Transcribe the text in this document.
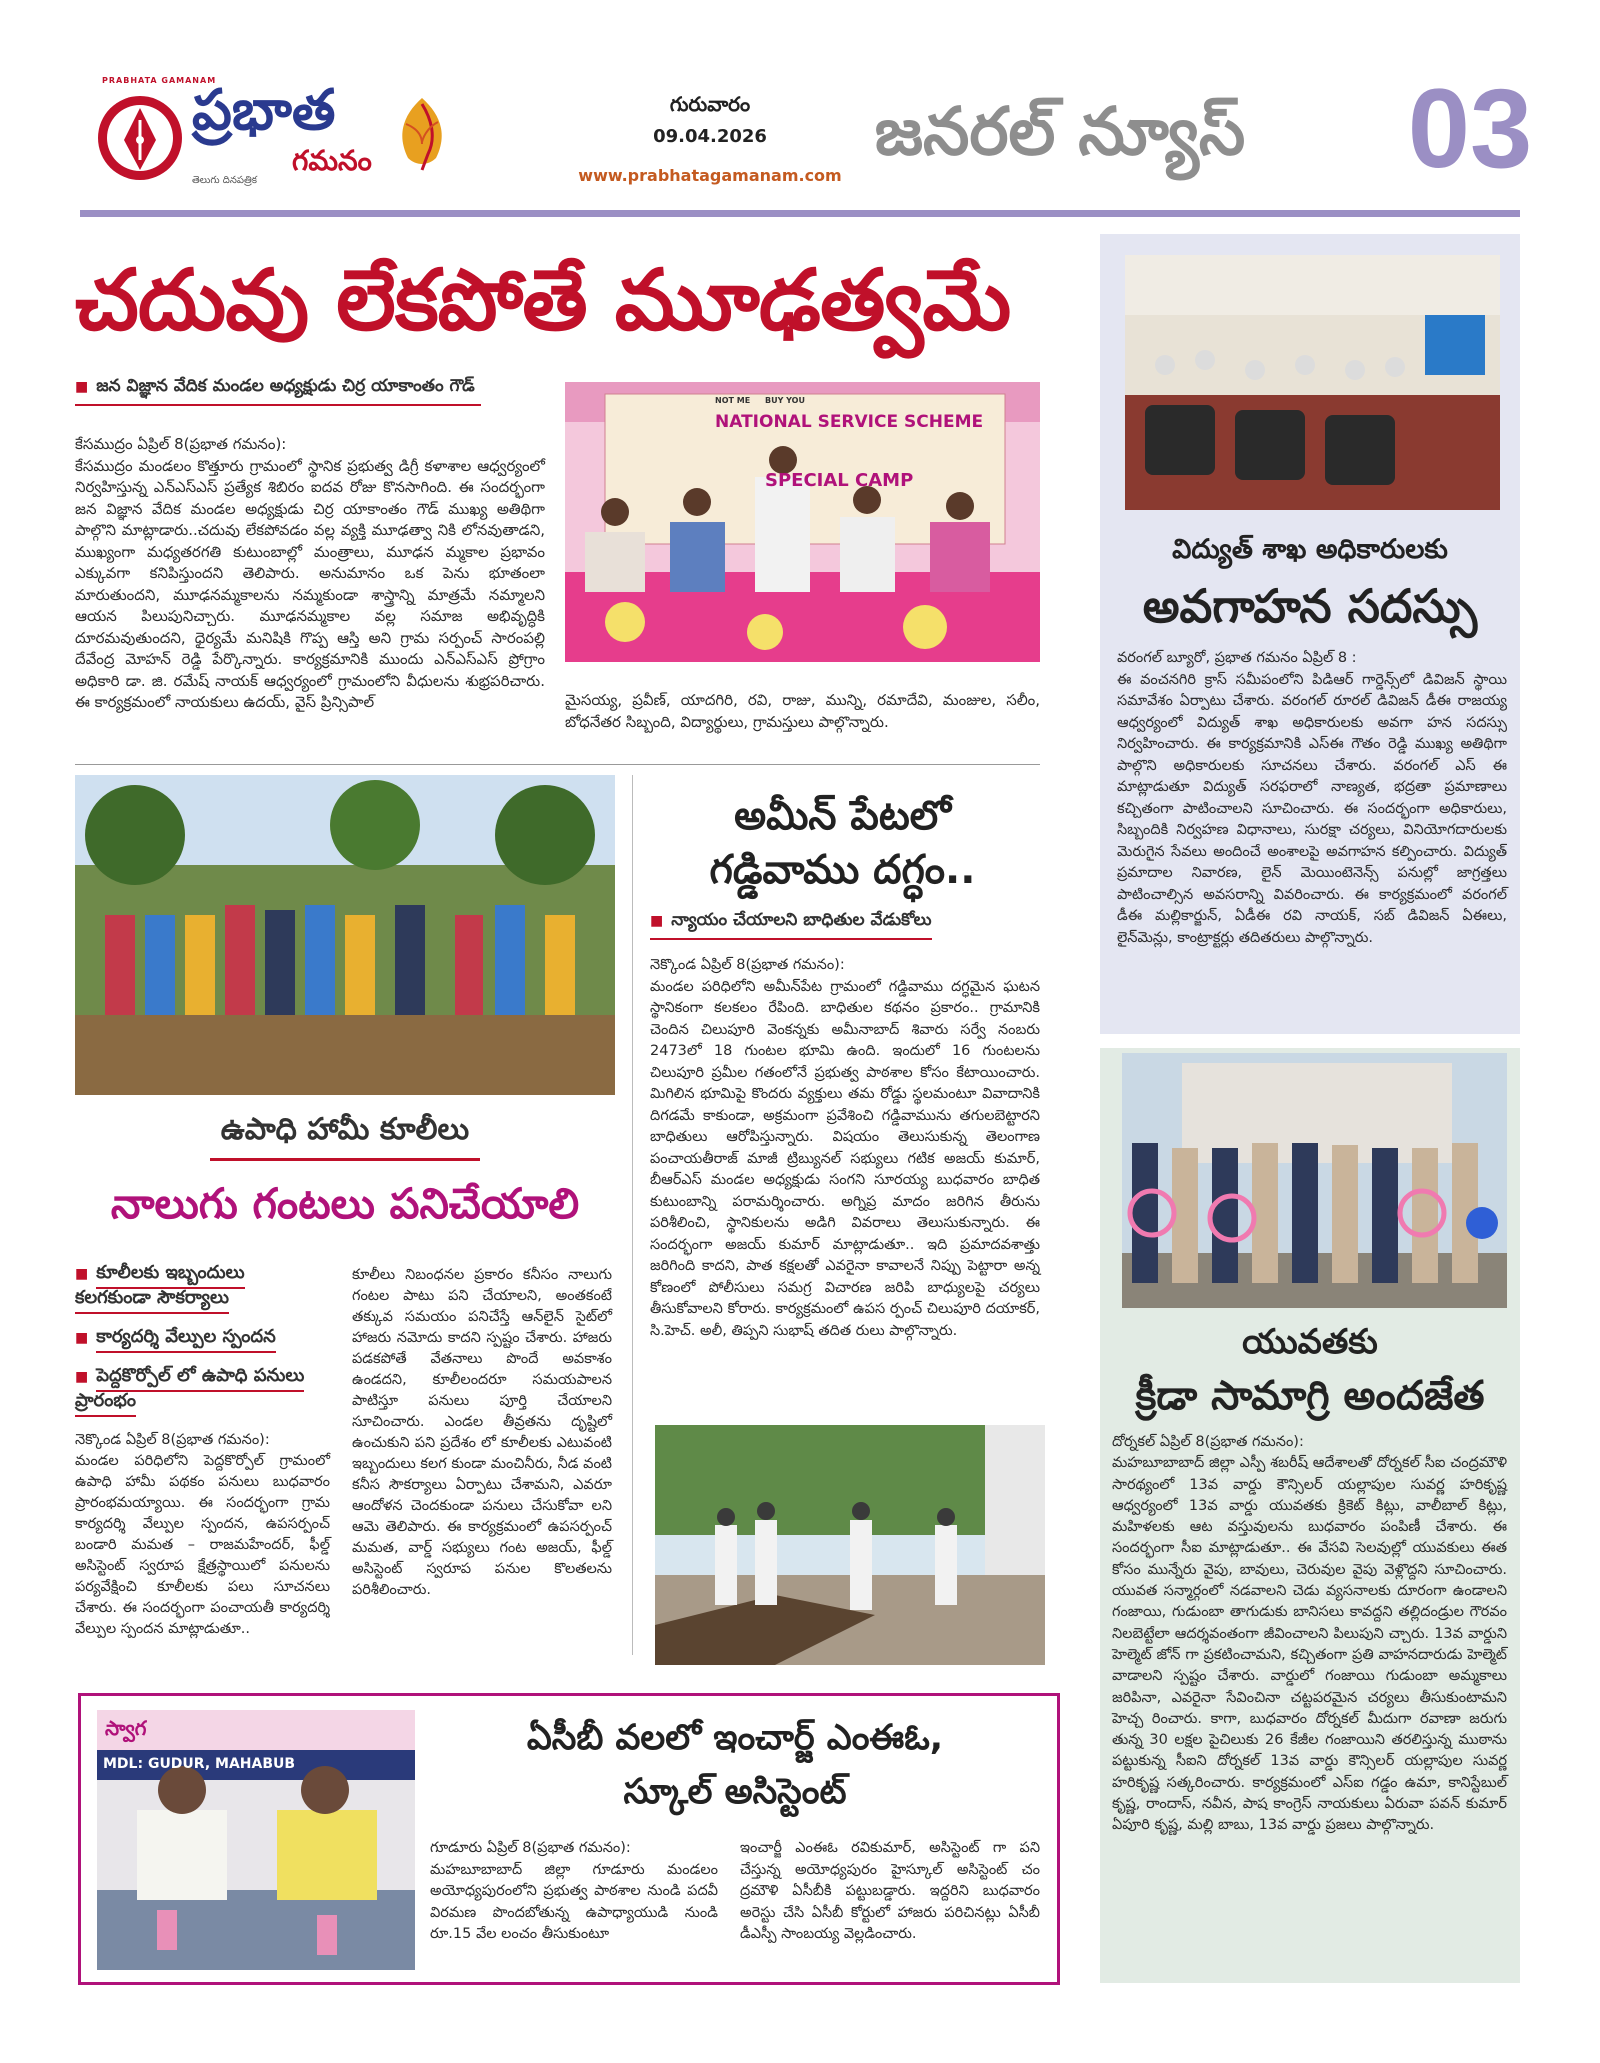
PRABHATA GAMANAM
ప్రభాత
గమనం
తెలుగు దినపత్రిక
గురువారం
09.04.2026
www.prabhatagamanam.com
జనరల్ న్యూస్	03
చదువు లేకపోతే మూఢత్వమే
■ జన విజ్ఞాన వేదిక మండల అధ్యక్షుడు చిర్ర యాకాంతం గౌడ్
కేసముద్రం ఏప్రిల్ 8(ప్రభాత గమనం):
కేసముద్రం మండలం కొత్తూరు గ్రామంలో స్థానిక ప్రభుత్వ డిగ్రీ కళాశాల ఆధ్వర్యంలో నిర్వహిస్తున్న ఎన్ఎస్ఎస్ ప్రత్యేక శిబిరం ఐదవ రోజు కొనసాగింది. ఈ సందర్భంగా జన విజ్ఞాన వేదిక మండల అధ్యక్షుడు చిర్ర యాకాంతం గౌడ్ ముఖ్య అతిథిగా పాల్గొని మాట్లాడారు..చదువు లేకపోవడం వల్ల వ్యక్తి మూఢత్వా నికి లోనవుతాడని, ముఖ్యంగా మధ్యతరగతి కుటుంబాల్లో మంత్రాలు, మూఢన మ్మకాల ప్రభావం ఎక్కువగా కనిపిస్తుందని తెలిపారు. అనుమానం ఒక పెను భూతంలా మారుతుందని, మూఢనమ్మకాలను నమ్మకుండా శాస్త్రాన్ని మాత్రమే నమ్మాలని ఆయన పిలుపునిచ్చారు. మూఢనమ్మకాల వల్ల సమాజ అభివృద్ధికి దూరమవుతుందని, ధైర్యమే మనిషికి గొప్ప ఆస్తి అని గ్రామ సర్పంచ్ సారంపల్లి దేవేంద్ర మోహన్ రెడ్డి పేర్కొన్నారు. కార్యక్రమానికి ముందు ఎన్ఎస్ఎస్ ప్రోగ్రాం అధికారి డా. జి. రమేష్ నాయక్ ఆధ్వర్యంలో గ్రామంలోని వీధులను శుభ్రపరిచారు. ఈ కార్యక్రమంలో నాయకులు ఉదయ్, వైస్ ప్రిన్సిపాల్
NATIONAL SERVICE SCHEME
SPECIAL CAMP
NOT ME BUY YOU
మైసయ్య, ప్రవీణ్, యాదగిరి, రవి, రాజు, మున్ని, రమాదేవి, మంజుల, సలీం, బోధనేతర సిబ్బంది, విద్యార్థులు, గ్రామస్తులు పాల్గొన్నారు.
ఉపాధి హామీ కూలీలు
నాలుగు గంటలు పనిచేయాలి
■ కూలీలకు ఇబ్బందులు కలగకుండా సౌకర్యాలు
■ కార్యదర్శి వేల్పుల స్పందన
■ పెద్దకొర్పోల్ లో ఉపాధి పనులు ప్రారంభం
నెక్కొండ ఏప్రిల్ 8(ప్రభాత గమనం):
మండల పరిధిలోని పెద్దకొర్పోల్ గ్రామంలో ఉపాధి హామీ పథకం పనులు బుధవారం ప్రారంభమయ్యాయి. ఈ సందర్భంగా గ్రామ కార్యదర్శి వేల్పుల స్పందన, ఉపసర్పంచ్ బండారి మమత – రాజమహేందర్, ఫీల్డ్ అసిస్టెంట్ స్వరూప క్షేత్రస్థాయిలో పనులను పర్యవేక్షించి కూలీలకు పలు సూచనలు చేశారు. ఈ సందర్భంగా పంచాయతీ కార్యదర్శి వేల్పుల స్పందన మాట్లాడుతూ..
కూలీలు నిబంధనల ప్రకారం కనీసం నాలుగు గంటల పాటు పని చేయాలని, అంతకంటే తక్కువ సమయం పనిచేస్తే ఆన్‌లైన్ సైట్‌లో హాజరు నమోదు కాదని స్పష్టం చేశారు. హాజరు పడకపోతే వేతనాలు పొందే అవకాశం ఉండదని, కూలీలందరూ సమయపాలన పాటిస్తూ పనులు పూర్తి చేయాలని సూచించారు. ఎండల తీవ్రతను దృష్టిలో ఉంచుకుని పని ప్రదేశం లో కూలీలకు ఎటువంటి ఇబ్బందులు కలగ కుండా మంచినీరు, నీడ వంటి కనీస సౌకర్యాలు ఏర్పాటు చేశామని, ఎవరూ ఆందోళన చెందకుండా పనులు చేసుకోవా లని ఆమె తెలిపారు. ఈ కార్యక్రమంలో ఉపసర్పంచ్ మమత, వార్డ్ సభ్యులు గంట అజయ్, ఫీల్డ్ అసిస్టెంట్ స్వరూప పనుల కొలతలను పరిశీలించారు.
అమీన్ పేటలో
గడ్డివాము దగ్ధం..
■ న్యాయం చేయాలని బాధితుల వేడుకోలు
నెక్కొండ ఏప్రిల్ 8(ప్రభాత గమనం):
మండల పరిధిలోని అమీన్‌పేట గ్రామంలో గడ్డివాము దగ్ధమైన ఘటన స్థానికంగా కలకలం రేపింది. బాధితుల కథనం ప్రకారం.. గ్రామానికి చెందిన చిలుపూరి వెంకన్నకు అమీనాబాద్ శివారు సర్వే నంబరు 2473లో 18 గుంటల భూమి ఉంది. ఇందులో 16 గుంటలను చిలుపూరి ప్రమీల గతంలోనే ప్రభుత్వ పాఠశాల కోసం కేటాయించారు. మిగిలిన భూమిపై కొందరు వ్యక్తులు తమ రోడ్డు స్థలమంటూ వివాదానికి దిగడమే కాకుండా, అక్రమంగా ప్రవేశించి గడ్డివామును తగులబెట్టారని బాధితులు ఆరోపిస్తున్నారు. విషయం తెలుసుకున్న తెలంగాణ పంచాయతీరాజ్ మాజీ ట్రిబ్యునల్ సభ్యులు గటిక అజయ్ కుమార్, బీఆర్ఎస్ మండల అధ్యక్షుడు సంగని సూరయ్య బుధవారం బాధిత కుటుంబాన్ని పరామర్శించారు. అగ్నిప్ర మాదం జరిగిన తీరును పరిశీలించి, స్థానికులను అడిగి వివరాలు తెలుసుకున్నారు. ఈ సందర్భంగా అజయ్ కుమార్ మాట్లాడుతూ.. ఇది ప్రమాదవశాత్తు జరిగింది కాదని, పాత కక్షలతో ఎవరైనా కావాలనే నిప్పు పెట్టారా అన్న కోణంలో పోలీసులు సమగ్ర విచారణ జరిపి బాధ్యులపై చర్యలు తీసుకోవాలని కోరారు. కార్యక్రమంలో ఉపస ర్పంచ్ చిలుపూరి దయాకర్, సి.హెచ్. అలీ, తిప్పని సుభాష్ తదిత రులు పాల్గొన్నారు.
విద్యుత్ శాఖ అధికారులకు
అవగాహన సదస్సు
వరంగల్ బ్యూరో, ప్రభాత గమనం ఏప్రిల్ 8 :
ఈ వంచనగిరి క్రాస్ సమీపంలోని పిడిఆర్ గార్డెన్స్‌లో డివిజన్ స్థాయి సమావేశం ఏర్పాటు చేశారు. వరంగల్ రూరల్ డివిజన్ డీఈ రాజయ్య ఆధ్వర్యంలో విద్యుత్ శాఖ అధికారులకు అవగా హన సదస్సు నిర్వహించారు. ఈ కార్యక్రమానికి ఎస్ఈ గౌతం రెడ్డి ముఖ్య అతిథిగా పాల్గొని అధికారులకు సూచనలు చేశారు. వరంగల్ ఎస్ ఈ మాట్లాడుతూ విద్యుత్ సరఫరాలో నాణ్యత, భద్రతా ప్రమాణాలు కచ్చితంగా పాటించాలని సూచించారు. ఈ సందర్భంగా అధికారులు, సిబ్బందికి నిర్వహణ విధానాలు, సురక్షా చర్యలు, వినియోగదారులకు మెరుగైన సేవలు అందించే అంశాలపై అవగాహన కల్పించారు. విద్యుత్ ప్రమాదాల నివారణ, లైన్ మెయింటెనెన్స్ పనుల్లో జాగ్రత్తలు పాటించాల్సిన అవసరాన్ని వివరించారు. ఈ కార్యక్రమంలో వరంగల్ డీఈ మల్లికార్జున్, ఏడీఈ రవి నాయక్, సబ్ డివిజన్ ఏఈలు, లైన్‌మెన్లు, కాంట్రాక్టర్లు తదితరులు పాల్గొన్నారు.
యువతకు
క్రీడా సామాగ్రి అందజేత
దోర్నకల్ ఏప్రిల్ 8(ప్రభాత గమనం):
మహబూబాబాద్ జిల్లా ఎస్పీ శబరీష్ ఆదేశాలతో దోర్నకల్ సీఐ చంద్రమౌళి సారథ్యంలో 13వ వార్డు కౌన్సిలర్ యల్లాపుల సువర్ణ హరికృష్ణ ఆధ్వర్యంలో 13వ వార్డు యువతకు క్రికెట్ కిట్లు, వాలీబాల్ కిట్లు, మహిళలకు ఆట వస్తువులను బుధవారం పంపిణీ చేశారు. ఈ సందర్భంగా సీఐ మాట్లాడుతూ.. ఈ వేసవి సెలవుల్లో యువకులు ఈత కోసం మున్నేరు వైపు, బావులు, చెరువుల వైపు వెళ్లొద్దని సూచించారు. యువత సన్మార్గంలో నడవాలని చెడు వ్యసనాలకు దూరంగా ఉండాలని గంజాయి, గుడుంబా తాగుడుకు బానిసలు కావద్దని తల్లిదండ్రుల గౌరవం నిలబెట్టేలా ఆదర్శవంతంగా జీవించాలని పిలుపుని చ్చారు. 13వ వార్డుని హెల్మెట్ జోన్ గా ప్రకటించామని, కచ్చితంగా ప్రతి వాహనదారుడు హెల్మెట్ వాడాలని స్పష్టం చేశారు. వార్డులో గంజాయి గుడుంబా అమ్మకాలు జరిపినా, ఎవరైనా సేవించినా చట్టపరమైన చర్యలు తీసుకుంటామని హెచ్చ రించారు. కాగా, బుధవారం దోర్నకల్ మీదుగా రవాణా జరుగు తున్న 30 లక్షల పైచిలుకు 26 కేజీల గంజాయిని తరలిస్తున్న ముఠాను పట్టుకున్న సీఐని దోర్నకల్ 13వ వార్డు కౌన్సిలర్ యల్లాపుల సువర్ణ హరికృష్ణ సత్కరించారు. కార్యక్రమంలో ఎస్ఐ గడ్డం ఉమా, కానిస్టేబుల్ కృష్ణ, రాందాస్, నవీన, పాష కాంగ్రెస్ నాయకులు ఏరువా పవన్ కుమార్ ఏపూరి కృష్ణ, మల్లి బాబు, 13వ వార్డు ప్రజలు పాల్గొన్నారు.
స్వాగ
MDL: GUDUR, MAHABUB
ఏసీబీ వలలో ఇంచార్జ్ ఎంఈఓ,
స్కూల్ అసిస్టెంట్
గూడూరు ఏప్రిల్ 8(ప్రభాత గమనం):
మహబూబాబాద్ జిల్లా గూడూరు మండలం అయోధ్యపురంలోని ప్రభుత్వ పాఠశాల నుండి పదవీ విరమణ పొందబోతున్న ఉపాధ్యాయుడి నుండి రూ.15 వేల లంచం తీసుకుంటూ
ఇంచార్జీ ఎంఈఓ రవికుమార్, అసిస్టెంట్ గా పని చేస్తున్న అయోధ్యపురం హైస్కూల్ అసిస్టెంట్ చం ద్రమౌళి ఏసీబీకి పట్టుబడ్డారు. ఇద్దరిని బుధవారం అరెస్టు చేసి ఏసీబీ కోర్టులో హాజరు పరిచినట్లు ఏసీబీ డీఎస్పీ సాంబయ్య వెల్లడించారు.
